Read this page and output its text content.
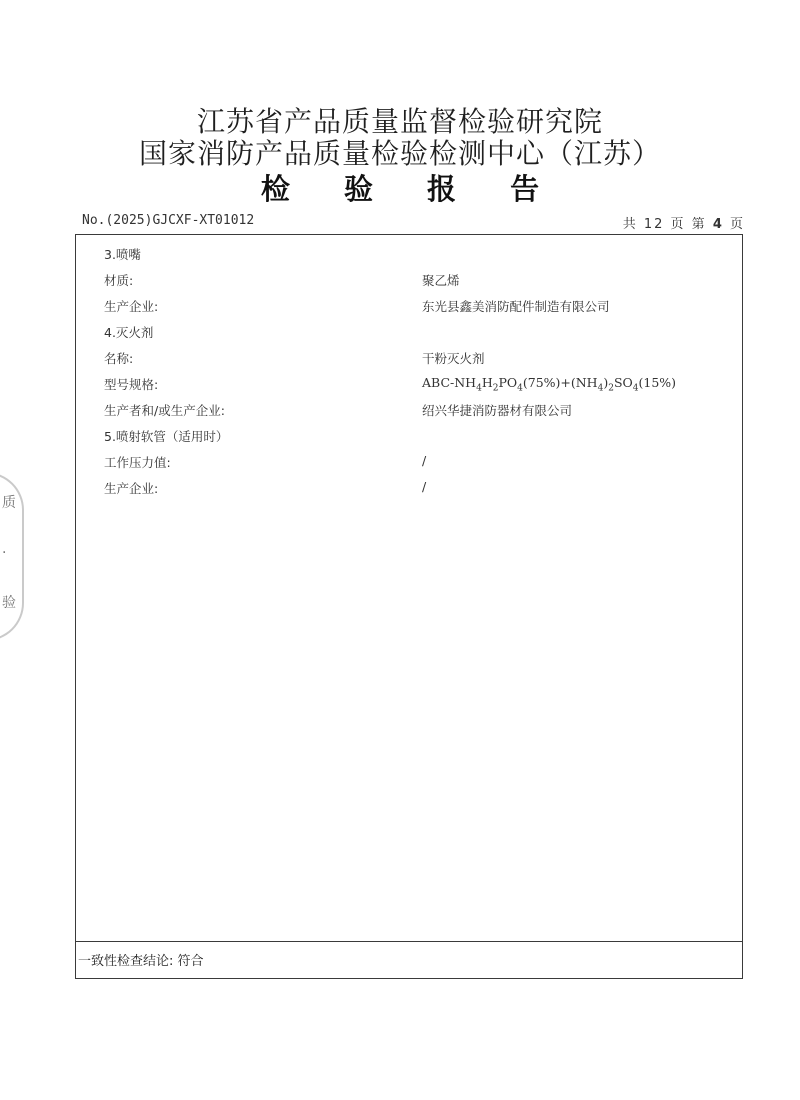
质
·
验
江苏省产品质量监督检验研究院
国家消防产品质量检验检测中心（江苏）
检 验 报 告
No.(2025)GJCXF-XT01012	共 12 页 第 4 页
3.喷嘴
材质:	聚乙烯
生产企业:	东光县鑫美消防配件制造有限公司
4.灭火剂
名称:	干粉灭火剂
型号规格:	ABC-$NH_4H_2PO_4(75\%)+(NH_4)_2SO_4(15\%)$
生产者和/或生产企业:	绍兴华捷消防器材有限公司
5.喷射软管（适用时）
工作压力值:	/
生产企业:	/
一致性检查结论: 符合
